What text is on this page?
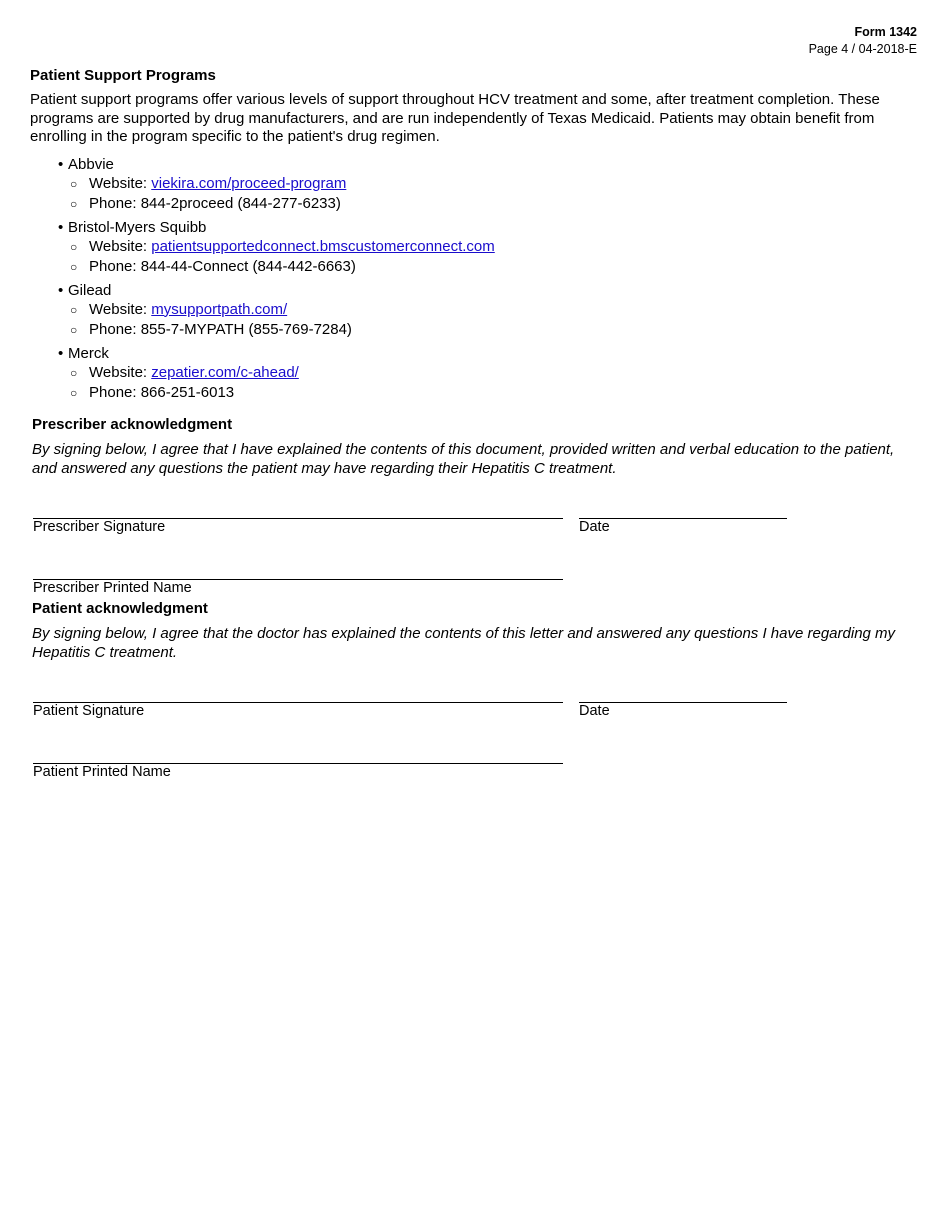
Form 1342
Page 4 / 04-2018-E
Patient Support Programs

Patient support programs offer various levels of support throughout HCV treatment and some, after treatment completion. These programs are supported by drug manufacturers, and are run independently of Texas Medicaid. Patients may obtain benefit from enrolling in the program specific to the patient's drug regimen.

• Abbvie
○ Website: viekira.com/proceed-program
○ Phone: 844-2proceed (844-277-6233)
• Bristol-Myers Squibb
○ Website: patientsupportedconnect.bmscustomerconnect.com
○ Phone: 844-44-Connect (844-442-6663)
• Gilead
○ Website: mysupportpath.com/
○ Phone: 855-7-MYPATH (855-769-7284)
• Merck
○ Website: zepatier.com/c-ahead/
○ Phone: 866-251-6013
Prescriber acknowledgment

By signing below, I agree that I have explained the contents of this document, provided written and verbal education to the patient, and answered any questions the patient may have regarding their Hepatitis C treatment.

Prescriber Signature	Date
Prescriber Printed Name
Patient acknowledgment

By signing below, I agree that the doctor has explained the contents of this letter and answered any questions I have regarding my Hepatitis C treatment.

Patient Signature	Date
Patient Printed Name
